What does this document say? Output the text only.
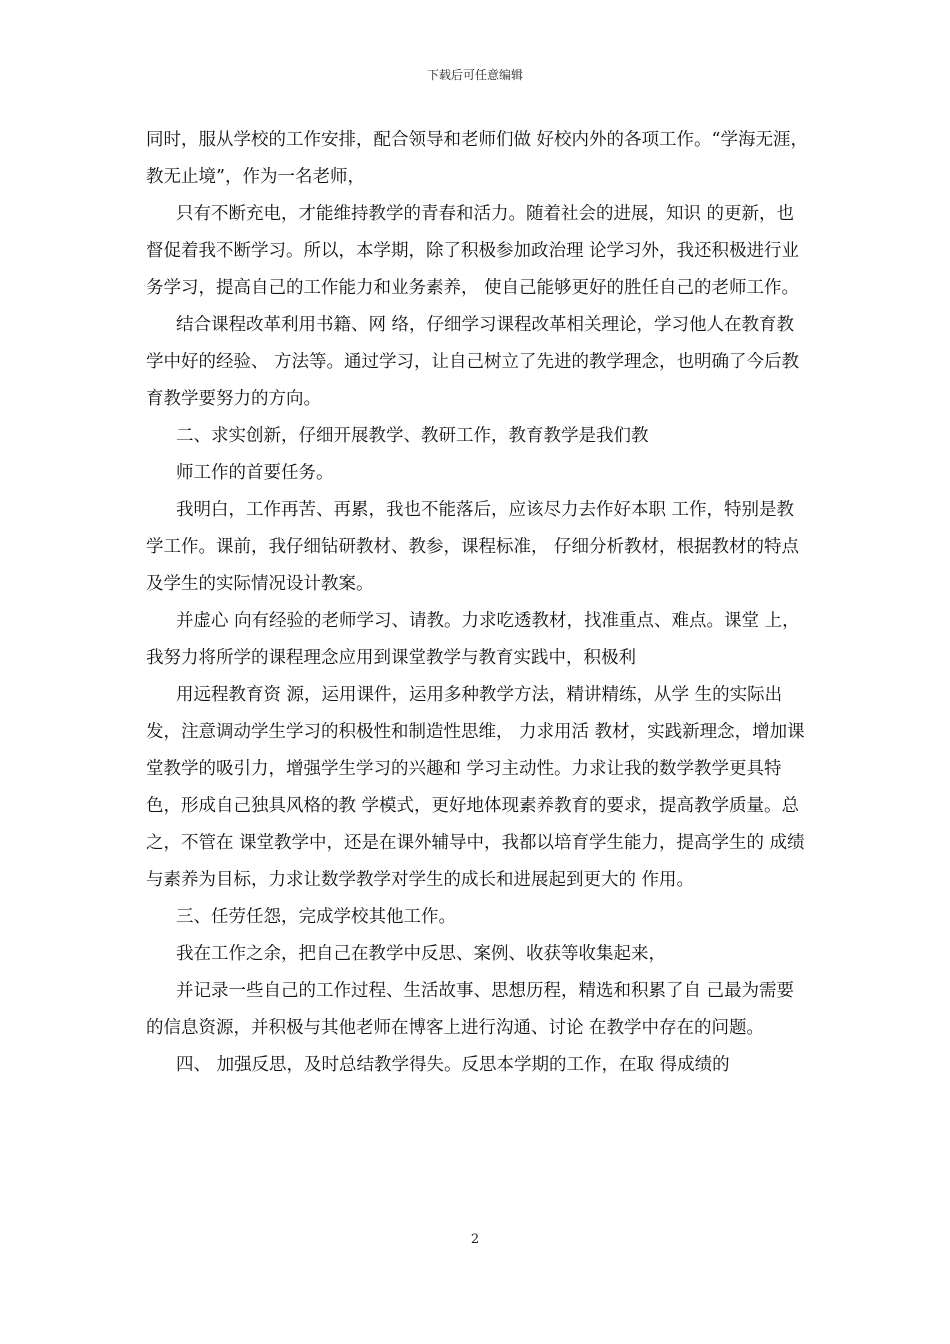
下载后可任意编辑

同时，服从学校的工作安排，配合领导和老师们做 好校内外的各项工作。“学海无涯，教无止境”，作为一名老师，

只有不断充电，才能维持教学的青春和活力。随着社会的进展，知识 的更新，也督促着我不断学习。所以，本学期，除了积极参加政治理 论学习外，我还积极进行业务学习，提高自己的工作能力和业务素养， 使自己能够更好的胜任自己的老师工作。

结合课程改革利用书籍、网 络，仔细学习课程改革相关理论，学习他人在教育教学中好的经验、 方法等。通过学习，让自己树立了先进的教学理念，也明确了今后教 育教学要努力的方向。

二、求实创新，仔细开展教学、教研工作，教育教学是我们教

师工作的首要任务。

我明白，工作再苦、再累，我也不能落后，应该尽力去作好本职 工作，特别是教学工作。课前，我仔细钻研教材、教参，课程标准， 仔细分析教材，根据教材的特点及学生的实际情况设计教案。

并虚心 向有经验的老师学习、请教。力求吃透教材，找准重点、难点。课堂 上，我努力将所学的课程理念应用到课堂教学与教育实践中，积极利

用远程教育资 源，运用课件，运用多种教学方法，精讲精练，从学 生的实际出发，注意调动学生学习的积极性和制造性思维， 力求用活 教材，实践新理念，增加课堂教学的吸引力，增强学生学习的兴趣和 学习主动性。力求让我的数学教学更具特色，形成自己独具风格的教 学模式，更好地体现素养教育的要求，提高教学质量。总之，不管在 课堂教学中，还是在课外辅导中，我都以培育学生能力，提高学生的 成绩与素养为目标，力求让数学教学对学生的成长和进展起到更大的 作用。

三、任劳任怨，完成学校其他工作。

我在工作之余，把自己在教学中反思、案例、收获等收集起来，

并记录一些自己的工作过程、生活故事、思想历程，精选和积累了自 己最为需要的信息资源，并积极与其他老师在博客上进行沟通、讨论 在教学中存在的问题。

四、 加强反思，及时总结教学得失。反思本学期的工作，在取 得成绩的

2
